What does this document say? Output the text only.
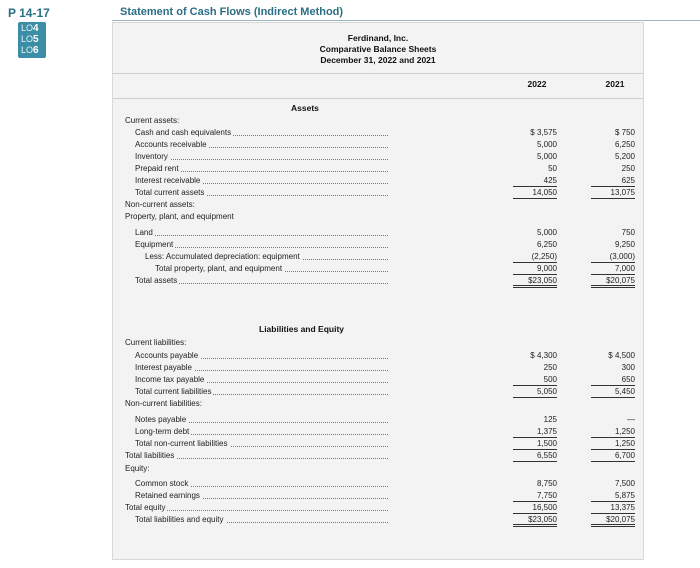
P 14-17	Statement of Cash Flows (Indirect Method)
LO4
LO5
LO6
Ferdinand, Inc.
Comparative Balance Sheets
December 31, 2022 and 2021
2022	2021
Assets
Liabilities and Equity
Current assets:
Cash and cash equivalents	$ 3,575	$ 750
Accounts receivable	5,000	6,250
Inventory	5,000	5,200
Prepaid rent	50	250
Interest receivable	425	625
Total current assets	14,050	13,075
Non-current assets:
Property, plant, and equipment
Land	5,000	750
Equipment	6,250	9,250
Less: Accumulated depreciation: equipment	(2,250)	(3,000)
Total property, plant, and equipment	9,000	7,000
Total assets	$23,050	$20,075
Current liabilities:
Accounts payable	$ 4,300	$ 4,500
Interest payable	250	300
Income tax payable	500	650
Total current liabilities	5,050	5,450
Non-current liabilities:
Notes payable	125	—
Long-term debt	1,375	1,250
Total non-current liabilities	1,500	1,250
Total liabilities	6,550	6,700
Equity:
Common stock	8,750	7,500
Retained earnings	7,750	5,875
Total equity	16,500	13,375
Total liabilities and equity	$23,050	$20,075
